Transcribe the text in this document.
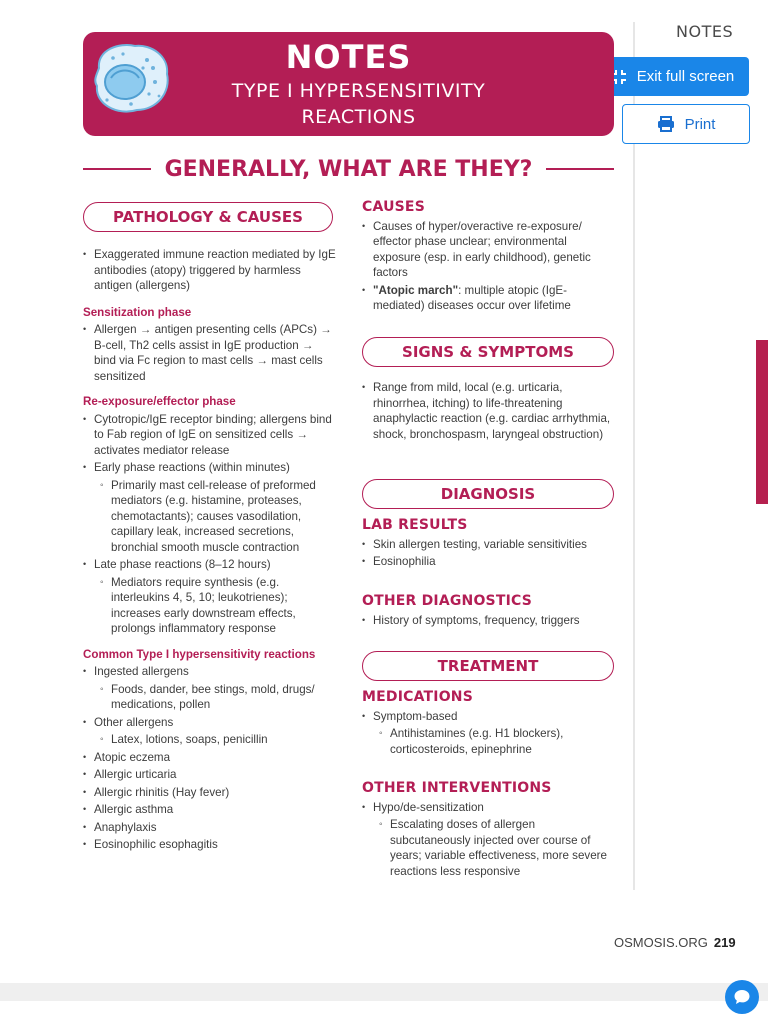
NOTES
Exit full screen
Print
NOTES
TYPE I HYPERSENSITIVITY
REACTIONS
GENERALLY, WHAT ARE THEY?
PATHOLOGY & CAUSES
• Exaggerated immune reaction mediated by IgE antibodies (atopy) triggered by harmless antigen (allergens)
Sensitization phase
• Allergen → antigen presenting cells (APCs) → B-cell, Th2 cells assist in IgE production → bind via Fc region to mast cells → mast cells sensitized
Re-exposure/effector phase
• Cytotropic/IgE receptor binding; allergens bind to Fab region of IgE on sensitized cells → activates mediator release
• Early phase reactions (within minutes)
◦ Primarily mast cell-release of preformed mediators (e.g. histamine, proteases, chemotactants); causes vasodilation, capillary leak, increased secretions, bronchial smooth muscle contraction
• Late phase reactions (8–12 hours)
◦ Mediators require synthesis (e.g. interleukins 4, 5, 10; leukotrienes); increases early downstream effects, prolongs inflammatory response
Common Type I hypersensitivity reactions
• Ingested allergens
◦ Foods, dander, bee stings, mold, drugs/ medications, pollen
• Other allergens
◦ Latex, lotions, soaps, penicillin
• Atopic eczema
• Allergic urticaria
• Allergic rhinitis (Hay fever)
• Allergic asthma
• Anaphylaxis
• Eosinophilic esophagitis
CAUSES
• Causes of hyper/overactive re-exposure/ effector phase unclear; environmental exposure (esp. in early childhood), genetic factors
• "Atopic march": multiple atopic (IgE-mediated) diseases occur over lifetime
SIGNS & SYMPTOMS
• Range from mild, local (e.g. urticaria, rhinorrhea, itching) to life-threatening anaphylactic reaction (e.g. cardiac arrhythmia, shock, bronchospasm, laryngeal obstruction)
DIAGNOSIS
LAB RESULTS
• Skin allergen testing, variable sensitivities
• Eosinophilia
OTHER DIAGNOSTICS
• History of symptoms, frequency, triggers
TREATMENT
MEDICATIONS
• Symptom-based
◦ Antihistamines (e.g. H1 blockers), corticosteroids, epinephrine
OTHER INTERVENTIONS
• Hypo/de-sensitization
◦ Escalating doses of allergen subcutaneously injected over course of years; variable effectiveness, more severe reactions less responsive
OSMOSIS.ORG 219
